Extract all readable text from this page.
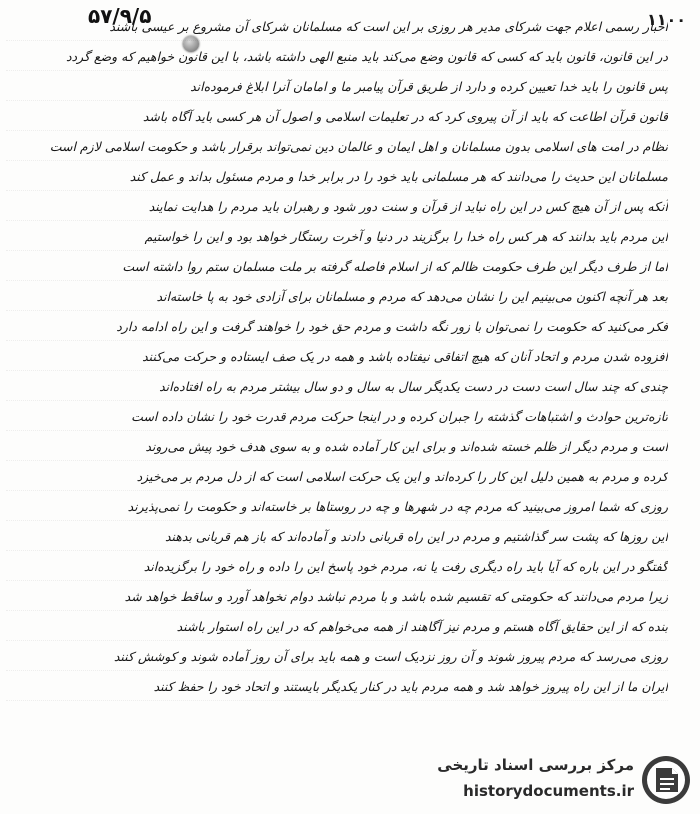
۱۱۰۰
۵۷/۹/۵
اخبار رسمی اعلام جهت شرکای مدیر هر روزی بر این است که مسلمانان شرکای آن مشروع بر عیسی باشند
در این قانون، قانون باید که کسی که قانون وضع می‌کند باید منبع الهی داشته باشد، با این قانون خواهیم که وضع گردد
پس قانون را باید خدا تعیین کرده و دارد از طریق قرآن پیامبر ما و امامان آنرا ابلاغ فرموده‌اند
قانون قرآن اطاعت که باید از آن پیروی کرد که در تعلیمات اسلامی و اصول آن هر کسی باید آگاه باشد
نظام در امت های اسلامی بدون مسلمانان و اهل ایمان و عالمان دین نمی‌تواند برقرار باشد و حکومت اسلامی لازم است
مسلمانان این حدیث را می‌دانند که هر مسلمانی باید خود را در برابر خدا و مردم مسئول بداند و عمل کند
آنکه پس از آن هیچ کس در این راه نباید از قرآن و سنت دور شود و رهبران باید مردم را هدایت نمایند
این مردم باید بدانند که هر کس راه خدا را برگزیند در دنیا و آخرت رستگار خواهد بود و این را خواستیم
اما از طرف دیگر این طرف حکومت ظالم که از اسلام فاصله گرفته بر ملت مسلمان ستم روا داشته است
بعد هر آنچه اکنون می‌بینیم این را نشان می‌دهد که مردم و مسلمانان برای آزادی خود به پا خاسته‌اند
فکر می‌کنید که حکومت را نمی‌توان با زور نگه داشت و مردم حق خود را خواهند گرفت و این راه ادامه دارد
افزوده شدن مردم و اتحاد آنان که هیچ اتفاقی نیفتاده باشد و همه در یک صف ایستاده و حرکت می‌کنند
چندی که چند سال است دست در دست یکدیگر سال به سال و دو سال بیشتر مردم به راه افتاده‌اند
تازه‌ترین حوادث و اشتباهات گذشته را جبران کرده و در اینجا حرکت مردم قدرت خود را نشان داده است
است و مردم دیگر از ظلم خسته شده‌اند و برای این کار آماده شده و به سوی هدف خود پیش می‌روند
کرده و مردم به همین دلیل این کار را کرده‌اند و این یک حرکت اسلامی است که از دل مردم بر می‌خیزد
روزی که شما امروز می‌بینید که مردم چه در شهرها و چه در روستاها بر خاسته‌اند و حکومت را نمی‌پذیرند
این روزها که پشت سر گذاشتیم و مردم در این راه قربانی دادند و آماده‌اند که باز هم قربانی بدهند
گفتگو در این باره که آیا باید راه دیگری رفت یا نه، مردم خود پاسخ این را داده و راه خود را برگزیده‌اند
زیرا مردم می‌دانند که حکومتی که تقسیم شده باشد و با مردم نباشد دوام نخواهد آورد و ساقط خواهد شد
بنده که از این حقایق آگاه هستم و مردم نیز آگاهند از همه می‌خواهم که در این راه استوار باشند
روزی می‌رسد که مردم پیروز شوند و آن روز نزدیک است و همه باید برای آن روز آماده شوند و کوشش کنند
ایران ما از این راه پیروز خواهد شد و همه مردم باید در کنار یکدیگر بایستند و اتحاد خود را حفظ کنند
مرکز بررسی اسناد تاریخی
historydocuments.ir
